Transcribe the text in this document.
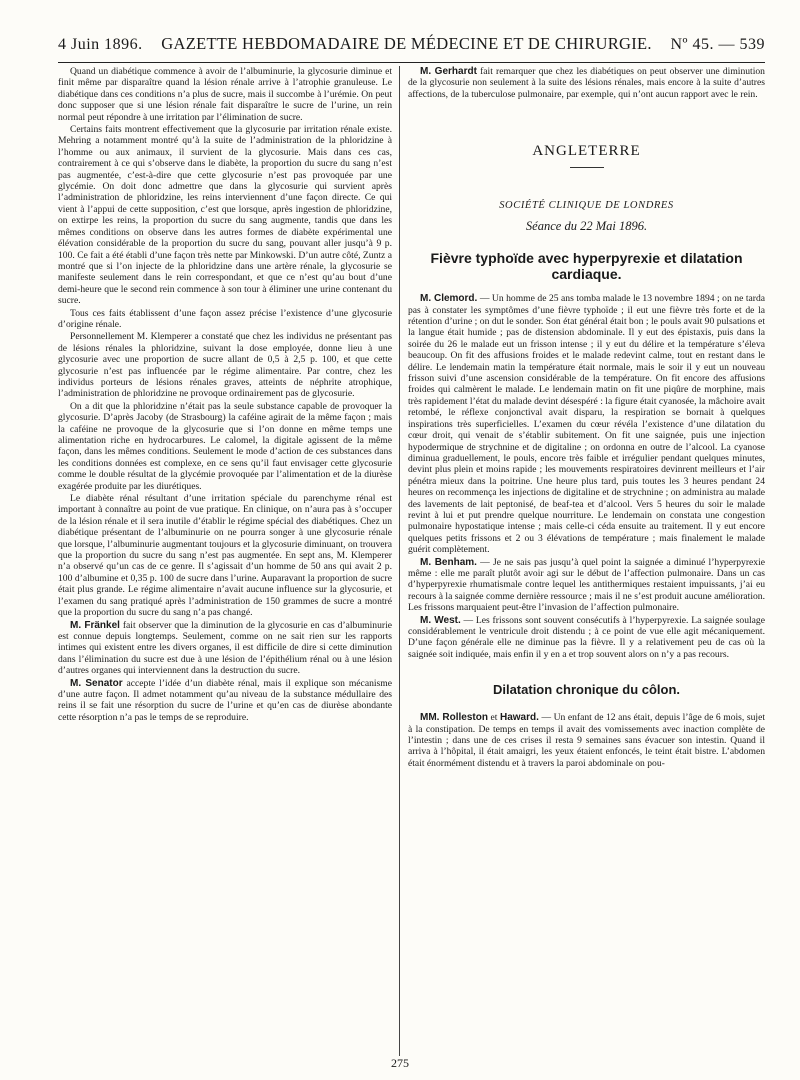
4 Juin 1896. GAZETTE HEBDOMADAIRE DE MÉDECINE ET DE CHIRURGIE. Nº 45. — 539

Quand un diabétique commence à avoir de l’albuminurie, la glycosurie diminue et finit même par disparaître quand la lésion rénale arrive à l’atrophie granuleuse. Le diabétique dans ces conditions n’a plus de sucre, mais il succombe à l’urémie. On peut donc supposer que si une lésion rénale fait disparaître le sucre de l’urine, un rein normal peut répondre à une irritation par l’élimination de sucre.

Certains faits montrent effectivement que la glycosurie par irritation rénale existe. Mehring a notamment montré qu’à la suite de l’administration de la phloridzine à l’homme ou aux animaux, il survient de la glycosurie. Mais dans ces cas, contrairement à ce qui s’observe dans le diabète, la proportion du sucre du sang n’est pas augmentée, c’est-à-dire que cette glycosurie n’est pas provoquée par une glycémie. On doit donc admettre que dans la glycosurie qui survient après l’administration de phloridzine, les reins interviennent d’une façon directe. Ce qui vient à l’appui de cette supposition, c’est que lorsque, après ingestion de phloridzine, on extirpe les reins, la proportion du sucre du sang augmente, tandis que dans les mêmes conditions on observe dans les autres formes de diabète expérimental une élévation considérable de la proportion du sucre du sang, pouvant aller jusqu’à 9 p. 100. Ce fait a été établi d’une façon très nette par Minkowski. D’un autre côté, Zuntz a montré que si l’on injecte de la phloridzine dans une artère rénale, la glycosurie se manifeste seulement dans le rein correspondant, et que ce n’est qu’au bout d’une demi-heure que le second rein commence à son tour à éliminer une urine contenant du sucre.

Tous ces faits établissent d’une façon assez précise l’existence d’une glycosurie d’origine rénale.

Personnellement M. Klemperer a constaté que chez les individus ne présentant pas de lésions rénales la phloridzine, suivant la dose employée, donne lieu à une glycosurie avec une proportion de sucre allant de 0,5 à 2,5 p. 100, et que cette glycosurie n’est pas influencée par le régime alimentaire. Par contre, chez les individus porteurs de lésions rénales graves, atteints de néphrite atrophique, l’administration de phloridzine ne provoque ordinairement pas de glycosurie.

On a dit que la phloridzine n’était pas la seule substance capable de provoquer la glycosurie. D’après Jacoby (de Strasbourg) la caféine agirait de la même façon ; mais la caféine ne provoque de la glycosurie que si l’on donne en même temps une alimentation riche en hydrocarbures. Le calomel, la digitale agissent de la même façon, dans les mêmes conditions. Seulement le mode d’action de ces substances dans les conditions données est complexe, en ce sens qu’il faut envisager cette glycosurie comme le double résultat de la glycémie provoquée par l’alimentation et de la diurèse exagérée produite par les diurétiques.

Le diabète rénal résultant d’une irritation spéciale du parenchyme rénal est important à connaître au point de vue pratique. En clinique, on n’aura pas à s’occuper de la lésion rénale et il sera inutile d’établir le régime spécial des diabétiques. Chez un diabétique présentant de l’albuminurie on ne pourra songer à une glycosurie rénale que lorsque, l’albuminurie augmentant toujours et la glycosurie diminuant, on trouvera que la proportion du sucre du sang n’est pas augmentée. En sept ans, M. Klemperer n’a observé qu’un cas de ce genre. Il s’agissait d’un homme de 50 ans qui avait 2 p. 100 d’albumine et 0,35 p. 100 de sucre dans l’urine. Auparavant la proportion de sucre était plus grande. Le régime alimentaire n’avait aucune influence sur la glycosurie, et l’examen du sang pratiqué après l’administration de 150 grammes de sucre a montré que la proportion du sucre du sang n’a pas changé.

M. Fränkel fait observer que la diminution de la glycosurie en cas d’albuminurie est connue depuis longtemps. Seulement, comme on ne sait rien sur les rapports intimes qui existent entre les divers organes, il est difficile de dire si cette diminution dans l’élimination du sucre est due à une lésion de l’épithélium rénal ou à une lésion d’autres organes qui interviennent dans la destruction du sucre.

M. Senator accepte l’idée d’un diabète rénal, mais il explique son mécanisme d’une autre façon. Il admet notamment qu’au niveau de la substance médullaire des reins il se fait une résorption du sucre de l’urine et qu’en cas de diurèse abondante cette résorption n’a pas le temps de se reproduire.

M. Gerhardt fait remarquer que chez les diabétiques on peut observer une diminution de la glycosurie non seulement à la suite des lésions rénales, mais encore à la suite d’autres affections, de la tuberculose pulmonaire, par exemple, qui n’ont aucun rapport avec le rein.

ANGLETERRE
SOCIÉTÉ CLINIQUE DE LONDRES
Séance du 22 Mai 1896.
Fièvre typhoïde avec hyperpyrexie et dilatation cardiaque.

M. Clemord. — Un homme de 25 ans tomba malade le 13 novembre 1894 ; on ne tarda pas à constater les symptômes d’une fièvre typhoïde ; il eut une fièvre très forte et de la rétention d’urine ; on dut le sonder. Son état général était bon ; le pouls avait 90 pulsations et la langue était humide ; pas de distension abdominale. Il y eut des épistaxis, puis dans la soirée du 26 le malade eut un frisson intense ; il y eut du délire et la température s’éleva beaucoup. On fit des affusions froides et le malade redevint calme, tout en restant dans le délire. Le lendemain matin la température était normale, mais le soir il y eut un nouveau frisson suivi d’une ascension considérable de la température. On fit encore des affusions froides qui calmèrent le malade. Le lendemain matin on fit une piqûre de morphine, mais très rapidement l’état du malade devint désespéré : la figure était cyanosée, la mâchoire avait retombé, le réflexe conjonctival avait disparu, la respiration se bornait à quelques inspirations très superficielles. L’examen du cœur révéla l’existence d’une dilatation du cœur droit, qui venait de s’établir subitement. On fit une saignée, puis une injection hypodermique de strychnine et de digitaline ; on ordonna en outre de l’alcool. La cyanose diminua graduellement, le pouls, encore très faible et irrégulier pendant quelques minutes, devint plus plein et moins rapide ; les mouvements respiratoires devinrent meilleurs et l’air pénétra mieux dans la poitrine. Une heure plus tard, puis toutes les 3 heures pendant 24 heures on recommença les injections de digitaline et de strychnine ; on administra au malade des lavements de lait peptonisé, de beaf-tea et d’alcool. Vers 5 heures du soir le malade revint à lui et put prendre quelque nourriture. Le lendemain on constata une congestion pulmonaire hypostatique intense ; mais celle-ci céda ensuite au traitement. Il y eut encore quelques petits frissons et 2 ou 3 élévations de température ; mais finalement le malade guérit complètement.

M. Benham. — Je ne sais pas jusqu’à quel point la saignée a diminué l’hyperpyrexie même : elle me paraît plutôt avoir agi sur le début de l’affection pulmonaire. Dans un cas d’hyperpyrexie rhumatismale contre lequel les antithermiques restaient impuissants, j’ai eu recours à la saignée comme dernière ressource ; mais il ne s’est produit aucune amélioration. Les frissons marquaient peut-être l’invasion de l’affection pulmonaire.

M. West. — Les frissons sont souvent consécutifs à l’hyperpyrexie. La saignée soulage considérablement le ventricule droit distendu ; à ce point de vue elle agit mécaniquement. D’une façon générale elle ne diminue pas la fièvre. Il y a relativement peu de cas où la saignée soit indiquée, mais enfin il y en a et trop souvent alors on n’y a pas recours.

Dilatation chronique du côlon.

MM. Rolleston et Haward. — Un enfant de 12 ans était, depuis l’âge de 6 mois, sujet à la constipation. De temps en temps il avait des vomissements avec inaction complète de l’intestin ; dans une de ces crises il resta 9 semaines sans évacuer son intestin. Quand il arriva à l’hôpital, il était amaigri, les yeux étaient enfoncés, le teint était bistre. L’abdomen était énormément distendu et à travers la paroi abdominale on pou-

275
